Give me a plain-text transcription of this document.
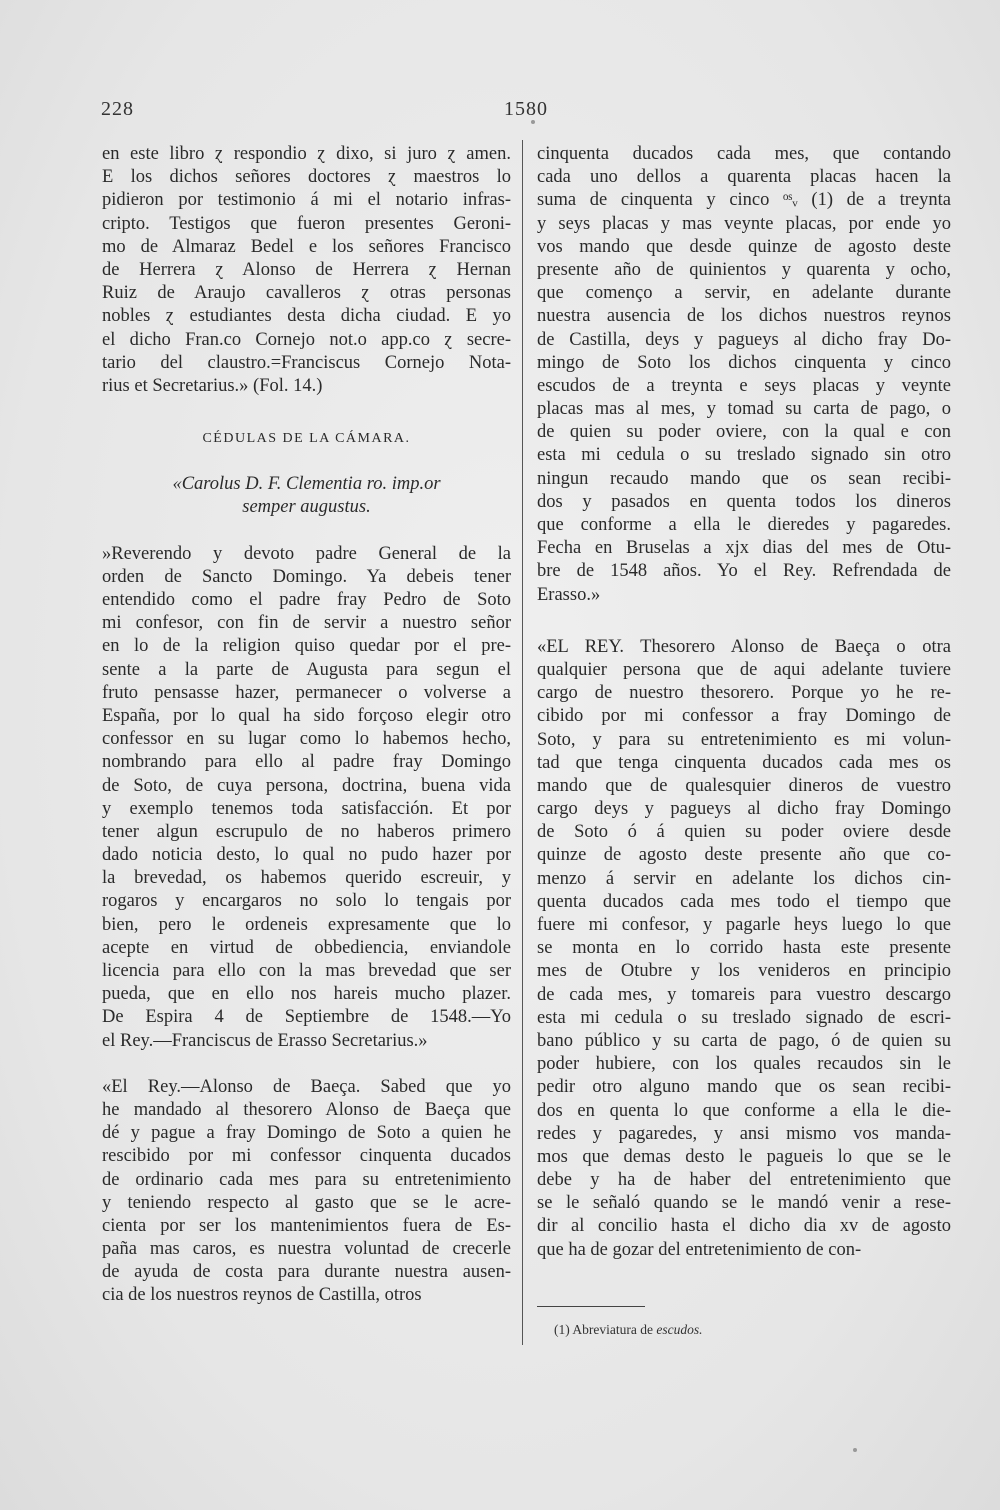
228	1580
en este libro ɀ respondio ɀ dixo, si juro ɀ amen.
E los dichos señores doctores ɀ maestros lo
pidieron por testimonio á mi el notario infras-
cripto. Testigos que fueron presentes Geroni-
mo de Almaraz Bedel e los señores Francisco
de Herrera ɀ Alonso de Herrera ɀ Hernan
Ruiz de Araujo cavalleros ɀ otras personas
nobles ɀ estudiantes desta dicha ciudad. E yo
el dicho Fran.co Cornejo not.o app.co ɀ secre-
tario del claustro.=Franciscus Cornejo Nota-
rius et Secretarius.» (Fol. 14.)
CÉDULAS DE LA CÁMARA.
«Carolus D. F. Clementia ro. imp.or
semper augustus.
»Reverendo y devoto padre General de la
orden de Sancto Domingo. Ya debeis tener
entendido como el padre fray Pedro de Soto
mi confesor, con fin de servir a nuestro señor
en lo de la religion quiso quedar por el pre-
sente a la parte de Augusta para segun el
fruto pensasse hazer, permanecer o volverse a
España, por lo qual ha sido forçoso elegir otro
confessor en su lugar como lo habemos hecho,
nombrando para ello al padre fray Domingo
de Soto, de cuya persona, doctrina, buena vida
y exemplo tenemos toda satisfacción. Et por
tener algun escrupulo de no haberos primero
dado noticia desto, lo qual no pudo hazer por
la brevedad, os habemos querido escreuir, y
rogaros y encargaros no solo lo tengais por
bien, pero le ordeneis expresamente que lo
acepte en virtud de obbediencia, enviandole
licencia para ello con la mas brevedad que ser
pueda, que en ello nos hareis mucho plazer.
De Espira 4 de Septiembre de 1548.—Yo
el Rey.—Franciscus de Erasso Secretarius.»
«El Rey.—Alonso de Baeça. Sabed que yo
he mandado al thesorero Alonso de Baeça que
dé y pague a fray Domingo de Soto a quien he
rescibido por mi confessor cinquenta ducados
de ordinario cada mes para su entretenimiento
y teniendo respecto al gasto que se le acre-
cienta por ser los mantenimientos fuera de Es-
paña mas caros, es nuestra voluntad de crecerle
de ayuda de costa para durante nuestra ausen-
cia de los nuestros reynos de Castilla, otros
cinquenta ducados cada mes, que contando
cada uno dellos a quarenta placas hacen la
suma de cinquenta y cinco ᵒˢᵥ (1) de a treynta
y seys placas y mas veynte placas, por ende yo
vos mando que desde quinze de agosto deste
presente año de quinientos y quarenta y ocho,
que començo a servir, en adelante durante
nuestra ausencia de los dichos nuestros reynos
de Castilla, deys y pagueys al dicho fray Do-
mingo de Soto los dichos cinquenta y cinco
escudos de a treynta e seys placas y veynte
placas mas al mes, y tomad su carta de pago, o
de quien su poder oviere, con la qual e con
esta mi cedula o su treslado signado sin otro
ningun recaudo mando que os sean recibi-
dos y pasados en quenta todos los dineros
que conforme a ella le dieredes y pagaredes.
Fecha en Bruselas a xjx dias del mes de Otu-
bre de 1548 años. Yo el Rey. Refrendada de
Erasso.»
«EL REY. Thesorero Alonso de Baeça o otra
qualquier persona que de aqui adelante tuviere
cargo de nuestro thesorero. Porque yo he re-
cibido por mi confessor a fray Domingo de
Soto, y para su entretenimiento es mi volun-
tad que tenga cinquenta ducados cada mes os
mando que de qualesquier dineros de vuestro
cargo deys y pagueys al dicho fray Domingo
de Soto ó á quien su poder oviere desde
quinze de agosto deste presente año que co-
menzo á servir en adelante los dichos cin-
quenta ducados cada mes todo el tiempo que
fuere mi confesor, y pagarle heys luego lo que
se monta en lo corrido hasta este presente
mes de Otubre y los venideros en principio
de cada mes, y tomareis para vuestro descargo
esta mi cedula o su treslado signado de escri-
bano público y su carta de pago, ó de quien su
poder hubiere, con los quales recaudos sin le
pedir otro alguno mando que os sean recibi-
dos en quenta lo que conforme a ella le die-
redes y pagaredes, y ansi mismo vos manda-
mos que demas desto le pagueis lo que se le
debe y ha de haber del entretenimiento que
se le señaló quando se le mandó venir a rese-
dir al concilio hasta el dicho dia xv de agosto
que ha de gozar del entretenimiento de con-
(1) Abreviatura de escudos.
